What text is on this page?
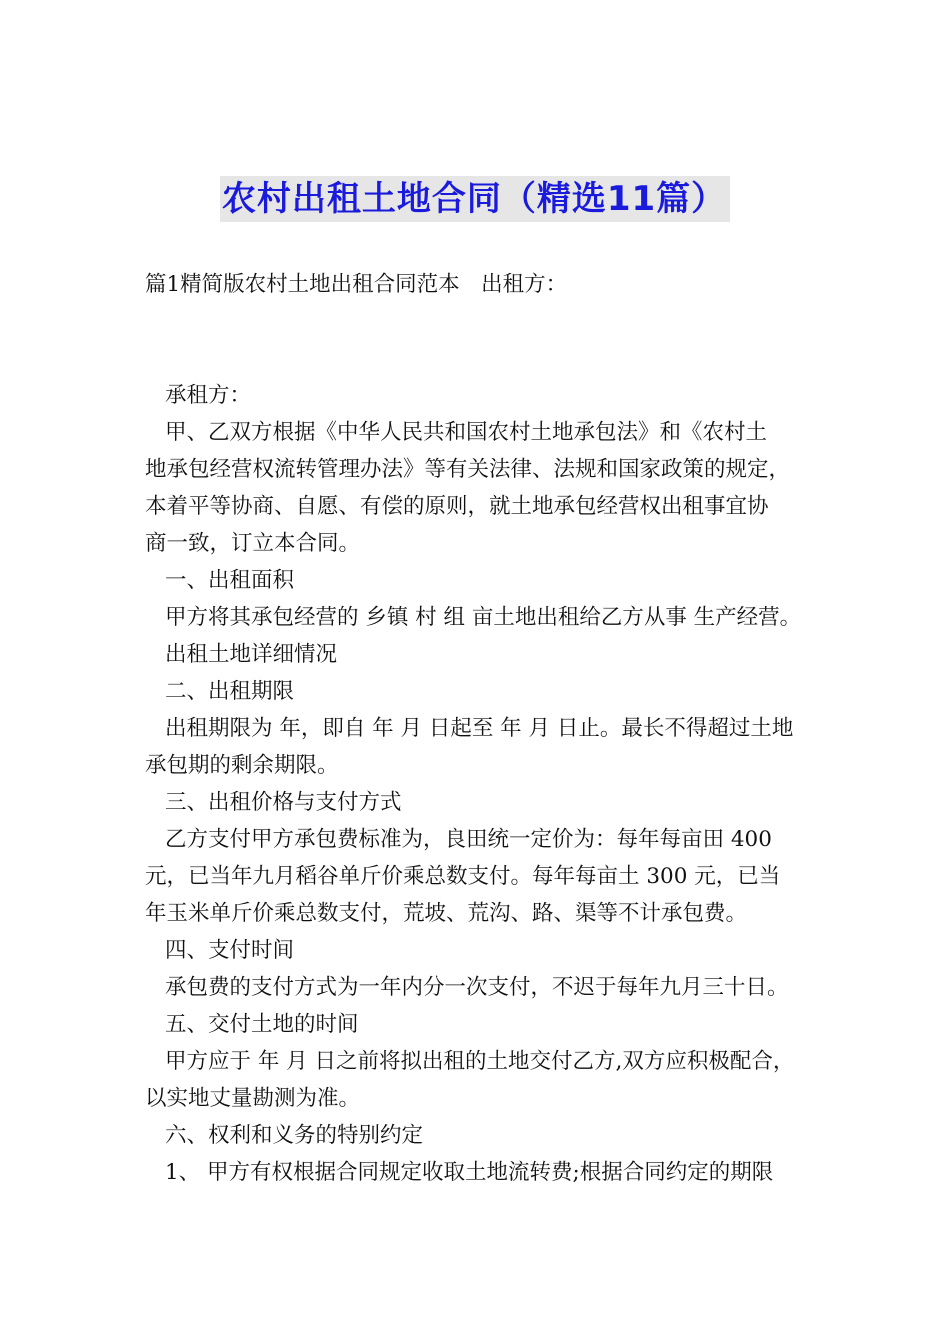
农村出租土地合同（精选11篇）
篇1精简版农村土地出租合同范本　出租方：
承租方：
甲、乙双方根据《中华人民共和国农村土地承包法》和《农村土
地承包经营权流转管理办法》等有关法律、法规和国家政策的规定，
本着平等协商、自愿、有偿的原则，就土地承包经营权出租事宜协
商一致，订立本合同。
一、出租面积
甲方将其承包经营的 乡镇 村 组 亩土地出租给乙方从事 生产经营。
出租土地详细情况
二、出租期限
出租期限为 年，即自 年 月 日起至 年 月 日止。最长不得超过土地
承包期的剩余期限。
三、出租价格与支付方式
乙方支付甲方承包费标准为，良田统一定价为：每年每亩田 400
元，已当年九月稻谷单斤价乘总数支付。每年每亩土 300 元，已当
年玉米单斤价乘总数支付，荒坡、荒沟、路、渠等不计承包费。
四、支付时间
承包费的支付方式为一年内分一次支付，不迟于每年九月三十日。
五、交付土地的时间
甲方应于 年 月 日之前将拟出租的土地交付乙方,双方应积极配合，
以实地丈量勘测为准。
六、权利和义务的特别约定
1、 甲方有权根据合同规定收取土地流转费;根据合同约定的期限
